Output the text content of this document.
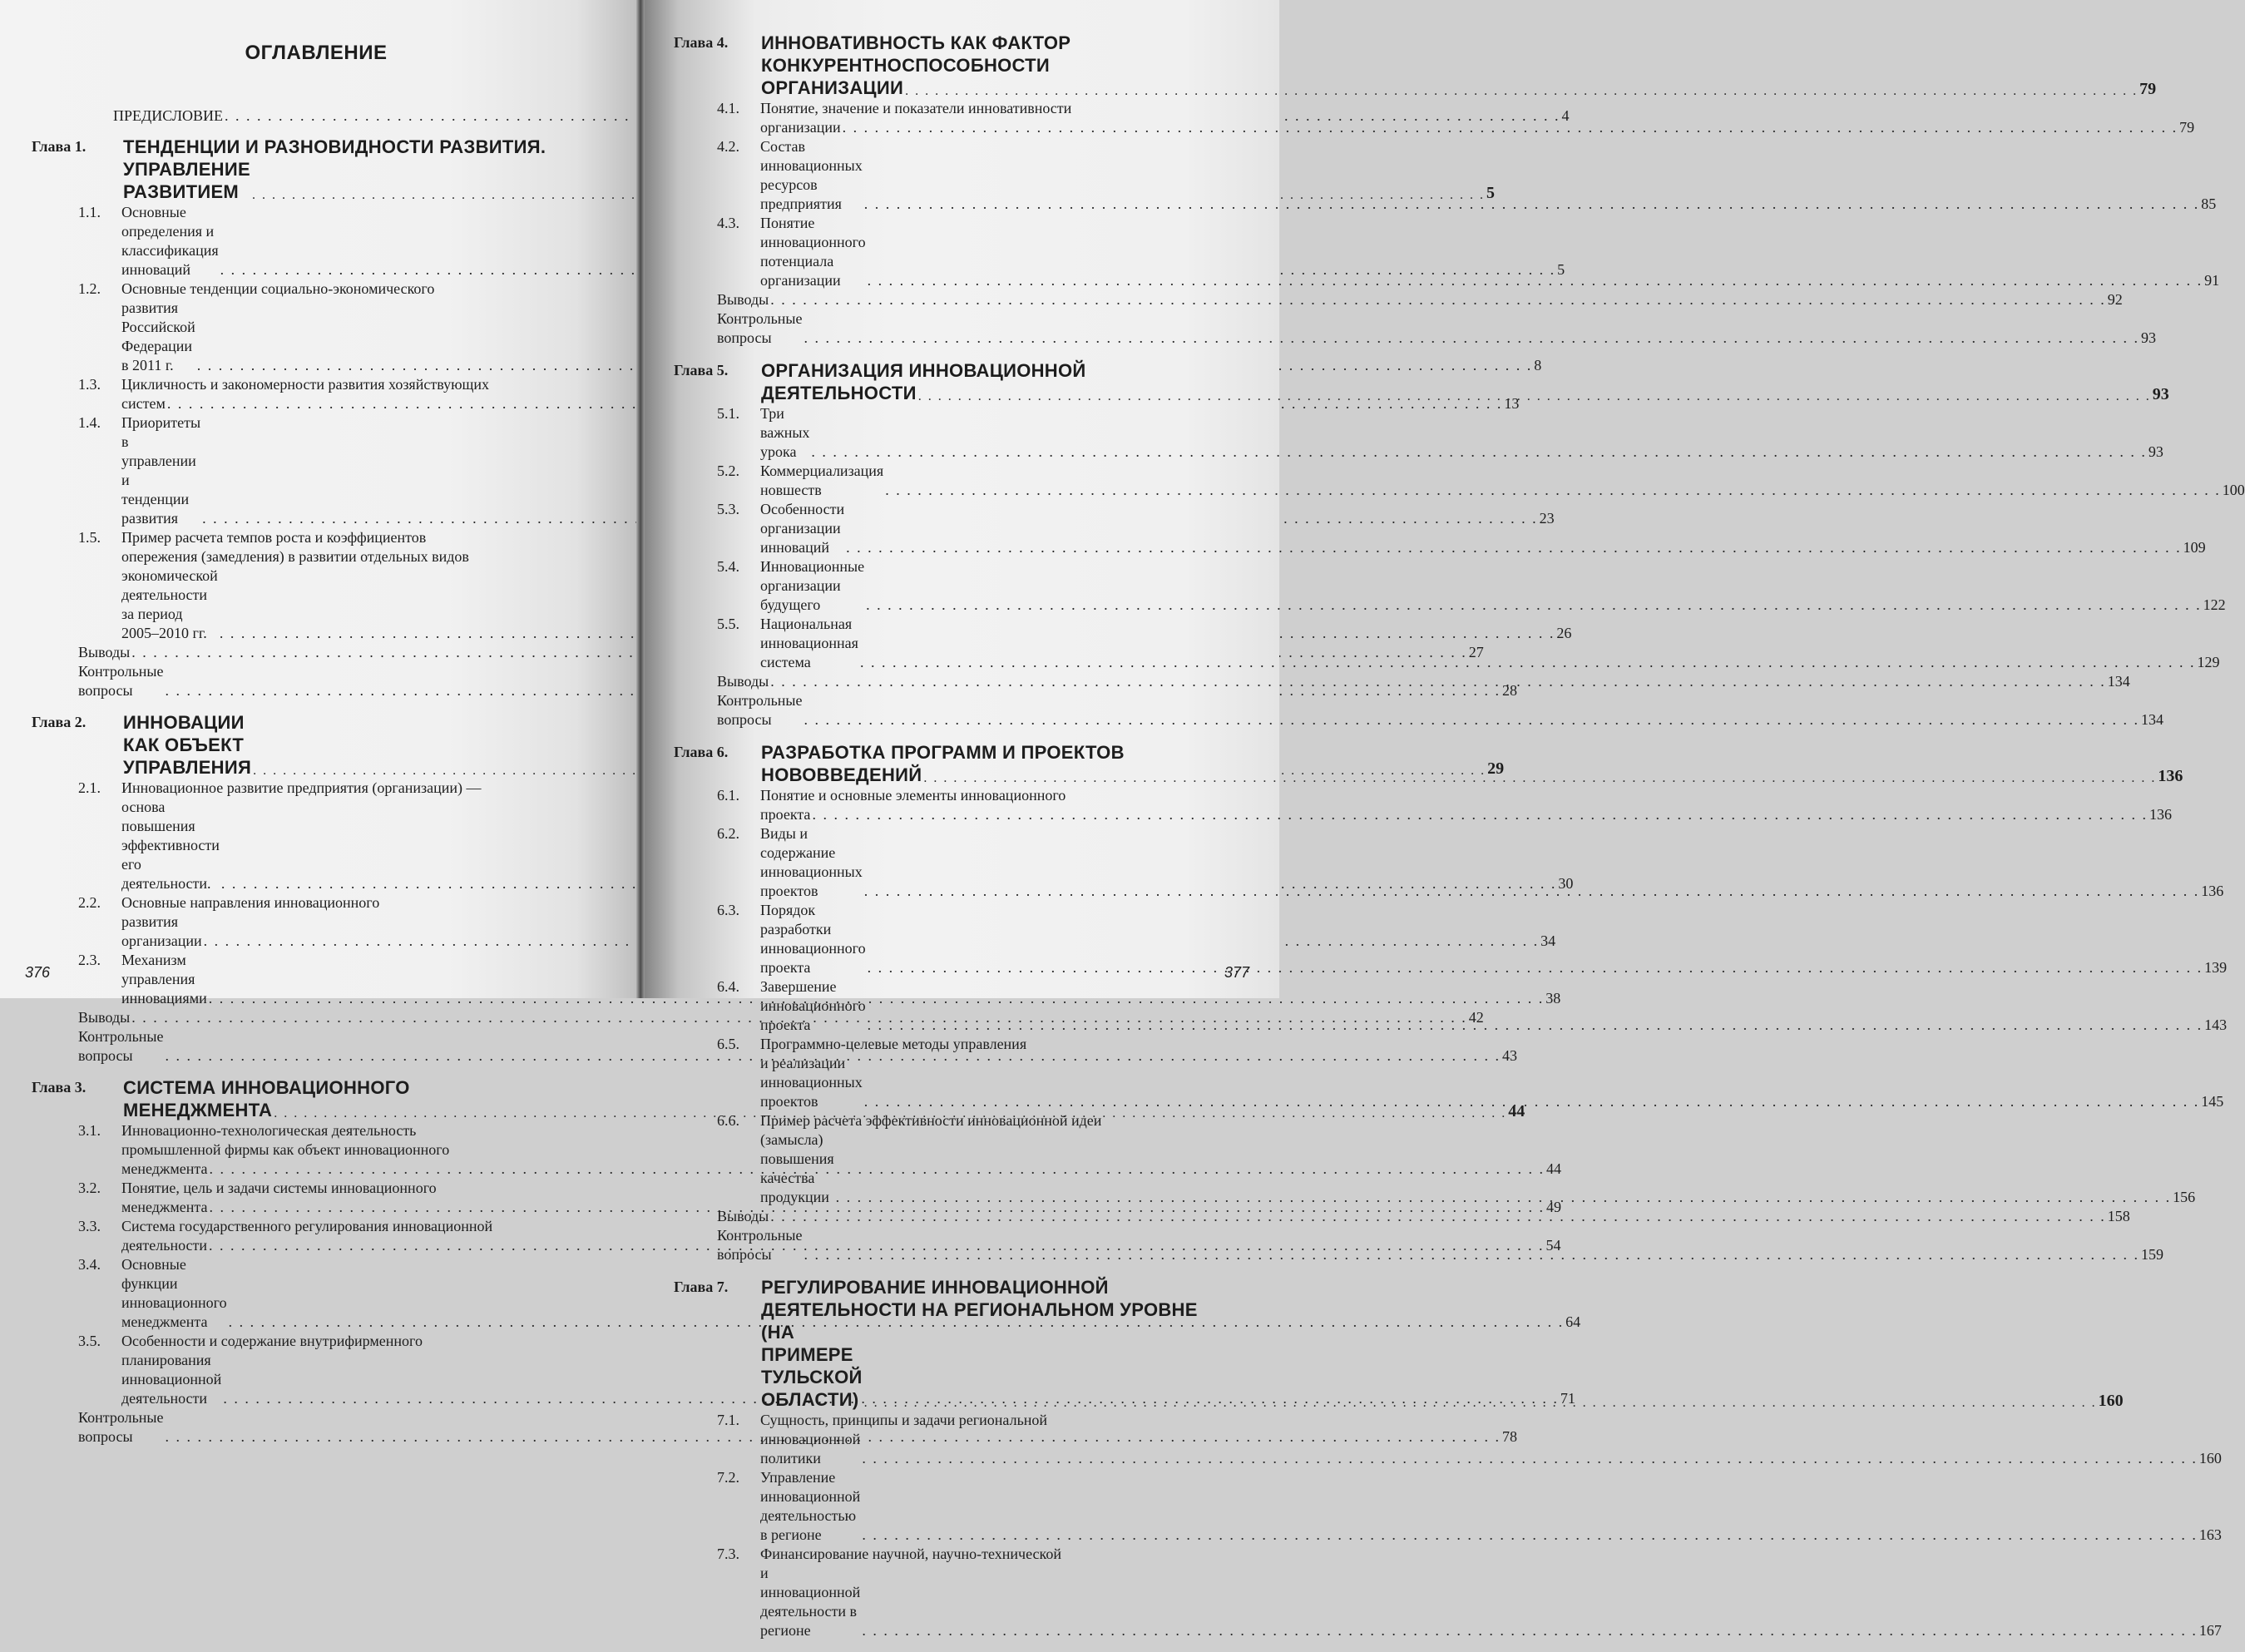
ОГЛАВЛЕНИЕ
ПРЕДИСЛОВИЕ . . .	4
Глава 1. ТЕНДЕНЦИИ И РАЗНОВИДНОСТИ РАЗВИТИЯ.
УПРАВЛЕНИЕ РАЗВИТИЕМ . . .	5
1.1.	Основные определения и классификация инноваций . . .	5
1.2.	Основные тенденции социально-экономического
развития Российской Федерации в 2011 г. . . .	8
1.3.	Цикличность и закономерности развития хозяйствующих
систем . . .	13
1.4.	Приоритеты в управлении и тенденции развития . . .	23
1.5.	Пример расчета темпов роста и коэффициентов
опережения (замедления) в развитии отдельных видов
экономической деятельности за период 2005–2010 гг. . . .	26
Выводы . . .	27
Контрольные вопросы . . .	28
Глава 2. ИННОВАЦИИ КАК ОБЪЕКТ УПРАВЛЕНИЯ . . .	29
2.1.	Инновационное развитие предприятия (организации) —
основа повышения эффективности его деятельности. . . .	30
2.2.	Основные направления инновационного
развития организации . . .	34
2.3.	Механизм управления инновациями . . .	38
Выводы . . .	42
Контрольные вопросы . . .	43
Глава 3. СИСТЕМА ИННОВАЦИОННОГО
МЕНЕДЖМЕНТА . . .	44
3.1.	Инновационно-технологическая деятельность
промышленной фирмы как объект инновационного
менеджмента . . .	44
3.2.	Понятие, цель и задачи системы инновационного
менеджмента . . .	49
3.3.	Система государственного регулирования инновационной
деятельности . . .	54
3.4.	Основные функции инновационного менеджмента . . .	64
3.5.	Особенности и содержание внутрифирменного
планирования инновационной деятельности . . .	71
Контрольные вопросы . . .	78
376
Глава 4. ИННОВАТИВНОСТЬ КАК ФАКТОР
КОНКУРЕНТНОСПОСОБНОСТИ
ОРГАНИЗАЦИИ . . .	79
4.1.	Понятие, значение и показатели инновативности
организации . . .	79
4.2.	Состав инновационных ресурсов предприятия . . .	85
4.3.	Понятие инновационного потенциала организации . . .	91
Выводы . . .	92
Контрольные вопросы . . .	93
Глава 5. ОРГАНИЗАЦИЯ ИННОВАЦИОННОЙ
ДЕЯТЕЛЬНОСТИ . . .	93
5.1.	Три важных урока . . .	93
5.2.	Коммерциализация новшеств . . .	100
5.3.	Особенности организации инноваций . . .	109
5.4.	Инновационные организации будущего . . .	122
5.5.	Национальная инновационная система . . .	129
Выводы . . .	134
Контрольные вопросы . . .	134
Глава 6. РАЗРАБОТКА ПРОГРАММ И ПРОЕКТОВ
НОВОВВЕДЕНИЙ . . .	136
6.1.	Понятие и основные элементы инновационного
проекта . . .	136
6.2.	Виды и содержание инновационных проектов . . .	136
6.3.	Порядок разработки инновационного проекта . . .	139
6.4.	Завершение инновационного проекта . . .	143
6.5.	Программно-целевые методы управления
и реализации инновационных проектов . . .	145
6.6.	Пример расчета эффективности инновационной идеи
(замысла) повышения качества продукции . . .	156
Выводы . . .	158
Контрольные вопросы . . .	159
Глава 7. РЕГУЛИРОВАНИЕ ИННОВАЦИОННОЙ
ДЕЯТЕЛЬНОСТИ НА РЕГИОНАЛЬНОМ УРОВНЕ
(НА ПРИМЕРЕ ТУЛЬСКОЙ ОБЛАСТИ) . . .	160
7.1.	Сущность, принципы и задачи региональной
инновационной политики . . .	160
7.2.	Управление инновационной деятельностью в регионе . . .	163
7.3.	Финансирование научной, научно-технической
и инновационной деятельности в регионе . . .	167
377
